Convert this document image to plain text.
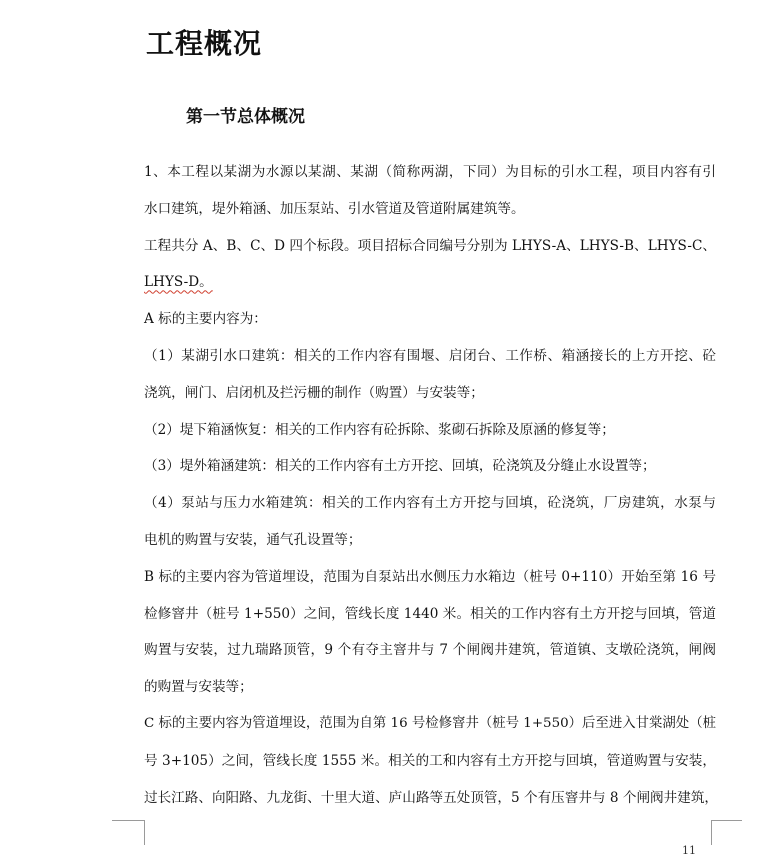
工程概况
第一节总体概况
1、本工程以某湖为水源以某湖、某湖（简称两湖，下同）为目标的引水工程，项目内容有引
水口建筑，堤外箱涵、加压泵站、引水管道及管道附属建筑等。
工程共分 A、B、C、D 四个标段。项目招标合同编号分别为 LHYS-A、LHYS-B、LHYS-C、
LHYS-D。
A 标的主要内容为：
（1）某湖引水口建筑：相关的工作内容有围堰、启闭台、工作桥、箱涵接长的上方开挖、砼
浇筑，闸门、启闭机及拦污栅的制作（购置）与安装等；
（2）堤下箱涵恢复：相关的工作内容有砼拆除、浆砌石拆除及原涵的修复等；
（3）堤外箱涵建筑：相关的工作内容有土方开挖、回填，砼浇筑及分缝止水设置等；
（4）泵站与压力水箱建筑：相关的工作内容有土方开挖与回填，砼浇筑，厂房建筑，水泵与
电机的购置与安装，通气孔设置等；
B 标的主要内容为管道埋设，范围为自泵站出水侧压力水箱边（桩号 0+110）开始至第 16 号
检修窨井（桩号 1+550）之间，管线长度 1440 米。相关的工作内容有土方开挖与回填，管道
购置与安装，过九瑞路顶管，9 个有夺主窨井与 7 个闸阀井建筑，管道镇、支墩砼浇筑，闸阀
的购置与安装等；
C 标的主要内容为管道埋设，范围为自第 16 号检修窨井（桩号 1+550）后至进入甘棠湖处（桩
号 3+105）之间，管线长度 1555 米。相关的工和内容有土方开挖与回填，管道购置与安装，
过长江路、向阳路、九龙街、十里大道、庐山路等五处顶管，5 个有压窨井与 8 个闸阀井建筑，
11
